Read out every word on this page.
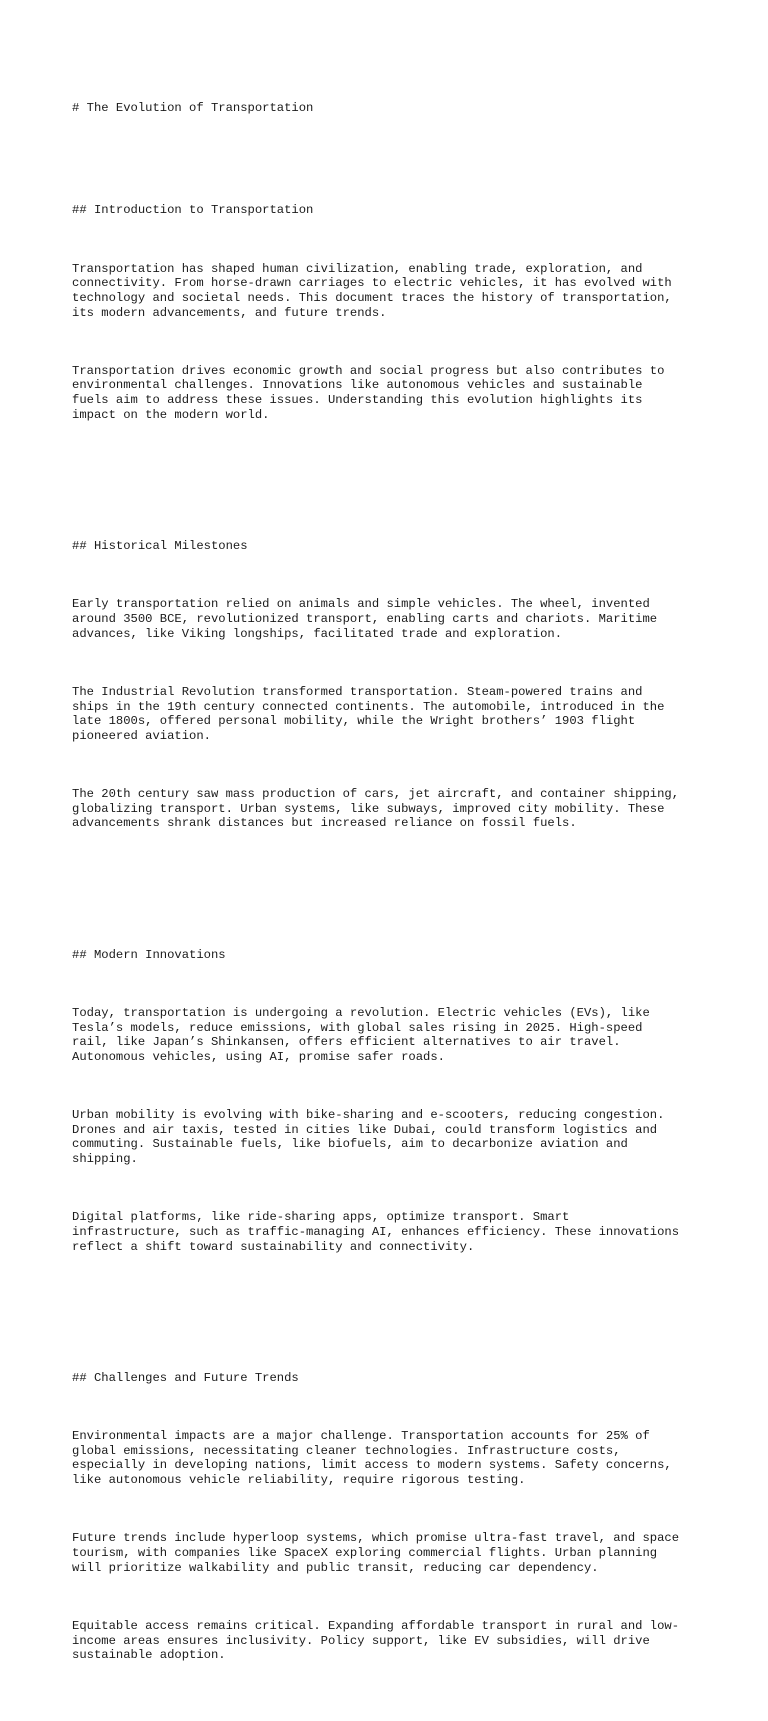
# The Evolution of Transportation

## Introduction to Transportation

Transportation has shaped human civilization, enabling trade, exploration, and
connectivity. From horse-drawn carriages to electric vehicles, it has evolved with
technology and societal needs. This document traces the history of transportation,
its modern advancements, and future trends.

Transportation drives economic growth and social progress but also contributes to
environmental challenges. Innovations like autonomous vehicles and sustainable
fuels aim to address these issues. Understanding this evolution highlights its
impact on the modern world.

## Historical Milestones

Early transportation relied on animals and simple vehicles. The wheel, invented
around 3500 BCE, revolutionized transport, enabling carts and chariots. Maritime
advances, like Viking longships, facilitated trade and exploration.

The Industrial Revolution transformed transportation. Steam-powered trains and
ships in the 19th century connected continents. The automobile, introduced in the
late 1800s, offered personal mobility, while the Wright brothers’ 1903 flight
pioneered aviation.

The 20th century saw mass production of cars, jet aircraft, and container shipping,
globalizing transport. Urban systems, like subways, improved city mobility. These
advancements shrank distances but increased reliance on fossil fuels.

## Modern Innovations

Today, transportation is undergoing a revolution. Electric vehicles (EVs), like
Tesla’s models, reduce emissions, with global sales rising in 2025. High-speed
rail, like Japan’s Shinkansen, offers efficient alternatives to air travel.
Autonomous vehicles, using AI, promise safer roads.

Urban mobility is evolving with bike-sharing and e-scooters, reducing congestion.
Drones and air taxis, tested in cities like Dubai, could transform logistics and
commuting. Sustainable fuels, like biofuels, aim to decarbonize aviation and
shipping.

Digital platforms, like ride-sharing apps, optimize transport. Smart
infrastructure, such as traffic-managing AI, enhances efficiency. These innovations
reflect a shift toward sustainability and connectivity.

## Challenges and Future Trends

Environmental impacts are a major challenge. Transportation accounts for 25% of
global emissions, necessitating cleaner technologies. Infrastructure costs,
especially in developing nations, limit access to modern systems. Safety concerns,
like autonomous vehicle reliability, require rigorous testing.

Future trends include hyperloop systems, which promise ultra-fast travel, and space
tourism, with companies like SpaceX exploring commercial flights. Urban planning
will prioritize walkability and public transit, reducing car dependency.

Equitable access remains critical. Expanding affordable transport in rural and low-
income areas ensures inclusivity. Policy support, like EV subsidies, will drive
sustainable adoption.
